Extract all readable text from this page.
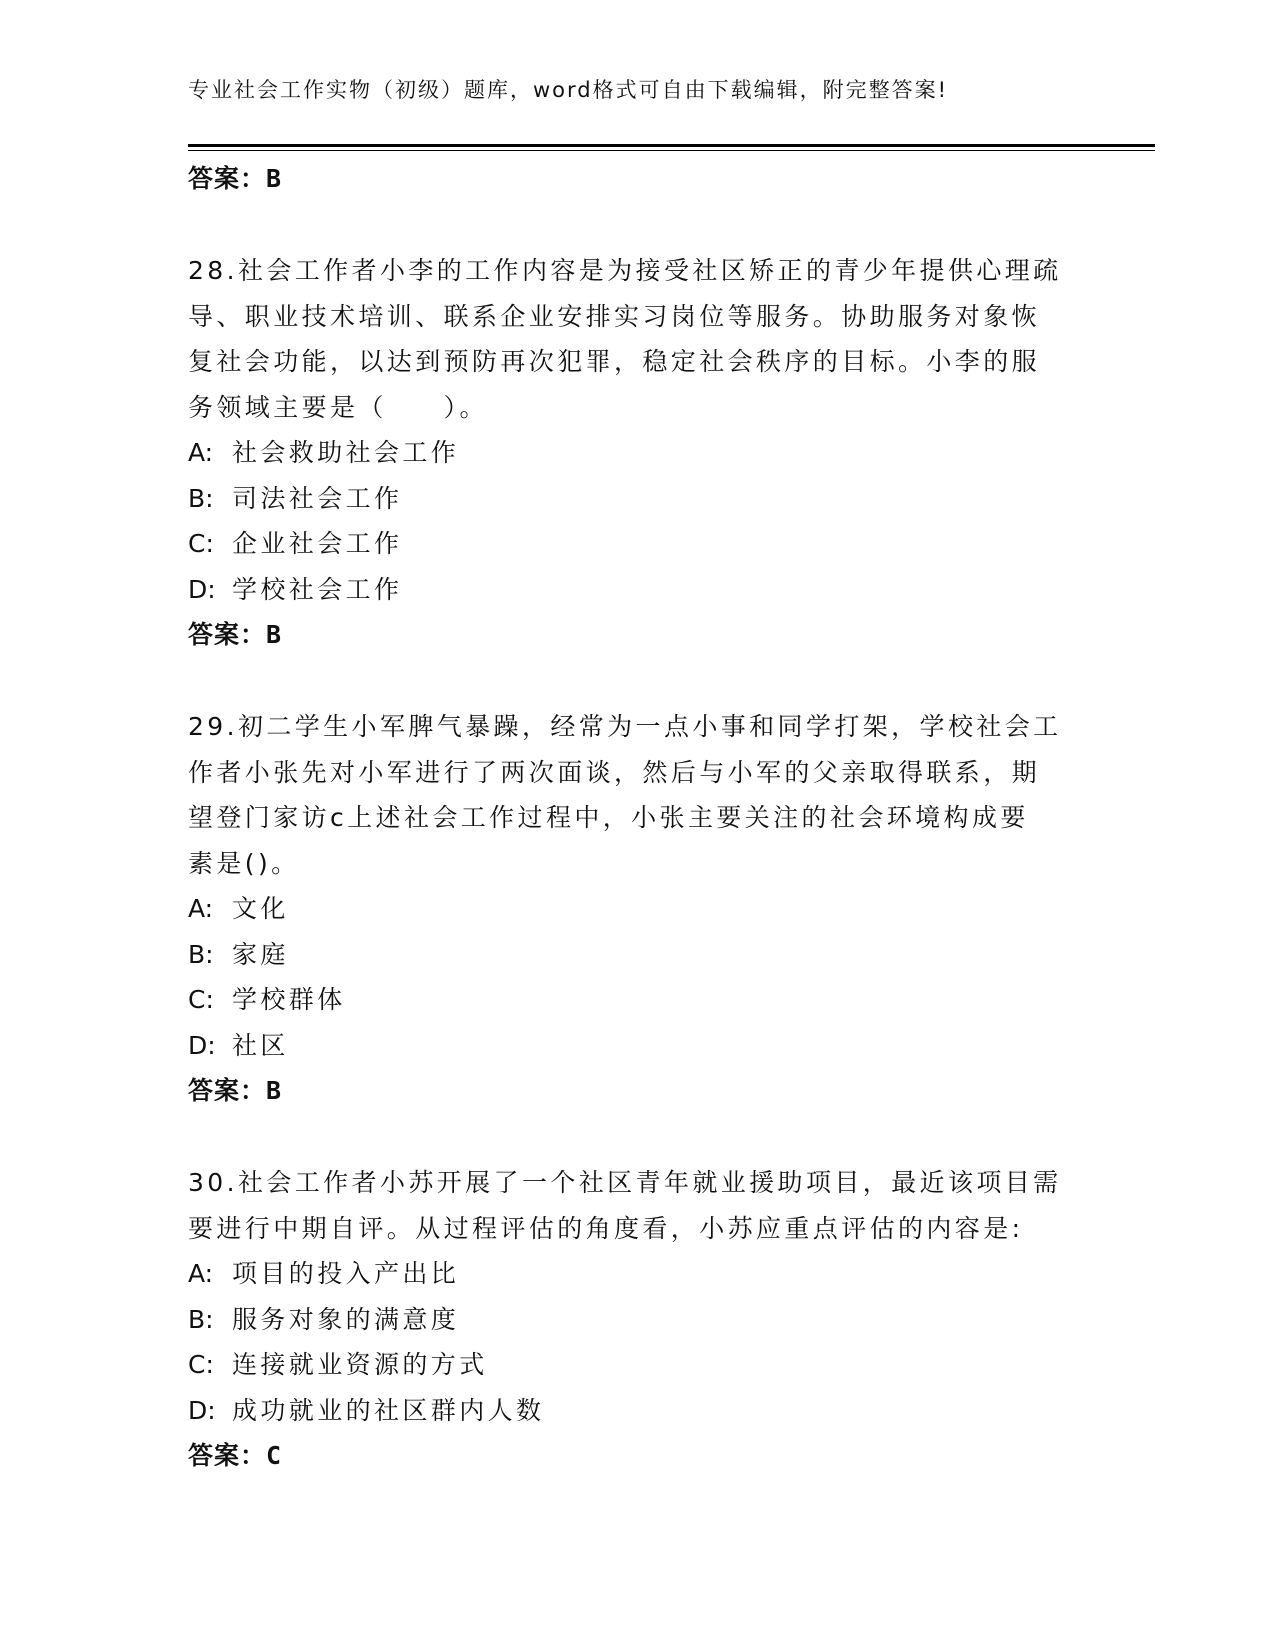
专业社会工作实物（初级）题库，word格式可自由下载编辑，附完整答案!
答案：B
28.社会工作者小李的工作内容是为接受社区矫正的青少年提供心理疏
导、职业技术培训、联系企业安排实习岗位等服务。协助服务对象恢
复社会功能，以达到预防再次犯罪，稳定社会秩序的目标。小李的服
务领域主要是（　　）。
A: 社会救助社会工作
B: 司法社会工作
C: 企业社会工作
D: 学校社会工作
答案：B
29.初二学生小军脾气暴躁，经常为一点小事和同学打架，学校社会工
作者小张先对小军进行了两次面谈，然后与小军的父亲取得联系，期
望登门家访c上述社会工作过程中，小张主要关注的社会环境构成要
素是()。
A: 文化
B: 家庭
C: 学校群体
D: 社区
答案：B
30.社会工作者小苏开展了一个社区青年就业援助项目，最近该项目需
要进行中期自评。从过程评估的角度看，小苏应重点评估的内容是:
A: 项目的投入产出比
B: 服务对象的满意度
C: 连接就业资源的方式
D: 成功就业的社区群内人数
答案：C
